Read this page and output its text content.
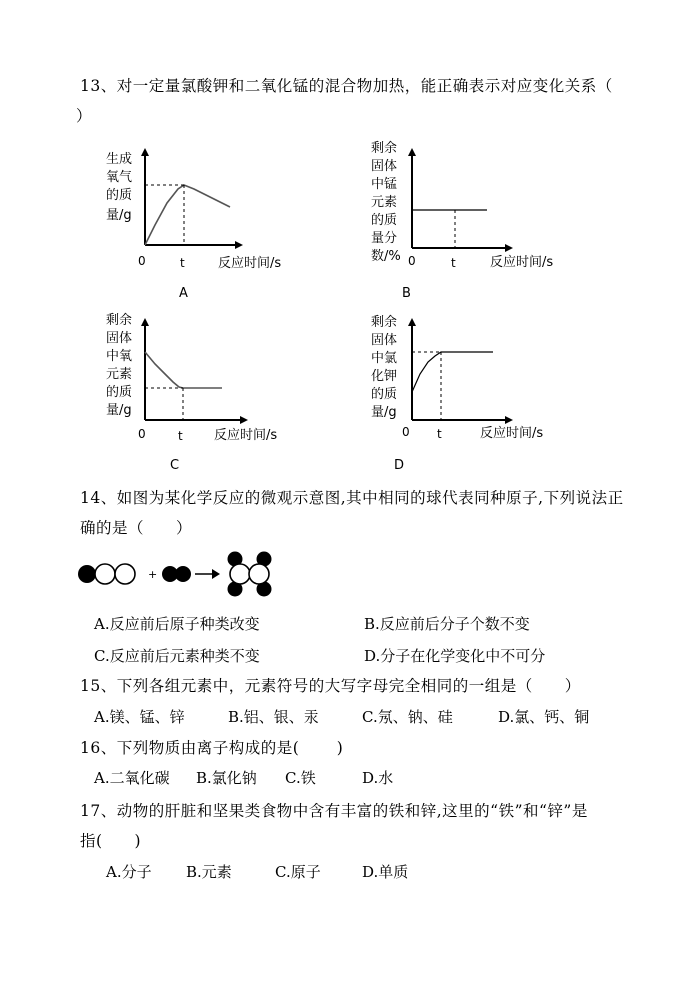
13、对一定量氯酸钾和二氧化锰的混合物加热，能正确表示对应变化关系（
）
生成
氧气
的质
量/g
0	t	反应时间/s
A
剩余
固体
中锰
元素
的质
量分
数/% 0	t	反应时间/s
B
剩余
固体
中氧
元素
的质
量/g
0	t 反应时间/s
C
剩余
固体
中氯
化钾
的质
量/g
0 t	反应时间/s
D
14、如图为某化学反应的微观示意图,其中相同的球代表同种原子,下列说法正
确的是（　　）
+
A.反应前后原子种类改变	B.反应前后分子个数不变
C.反应前后元素种类不变	D.分子在化学变化中不可分
15、下列各组元素中，元素符号的大写字母完全相同的一组是（　　）
A.镁、锰、锌	B.铝、银、汞	C.氖、钠、硅	D.氯、钙、铜
16、下列物质由离子构成的是(　　 )
A.二氧化碳 B.氯化钠 C.铁	D.水
17、动物的肝脏和坚果类食物中含有丰富的铁和锌,这里的“铁”和“锌”是
指(　　)
A.分子 B.元素	C.原子	D.单质
